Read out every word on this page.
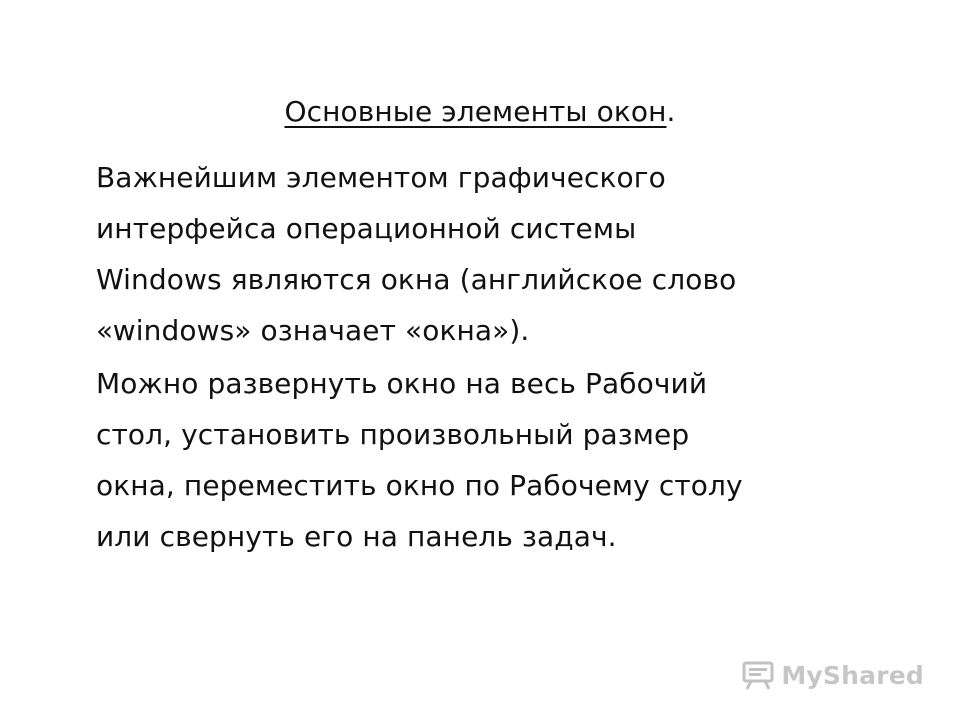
Основные элементы окон.
Важнейшим элементом графического
интерфейса операционной системы
Windows являются окна (английское слово
«windows» означает «окна»).
Можно развернуть окно на весь Рабочий
стол, установить произвольный размер
окна, переместить окно по Рабочему столу
или свернуть его на панель задач.
MyShared
